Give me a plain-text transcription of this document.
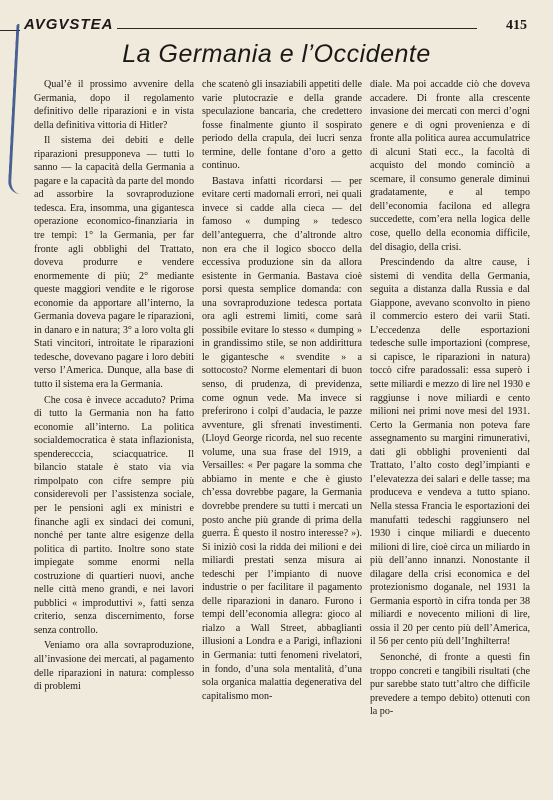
AVGVSTEA	415
La Germania e l’Occidente

Qual’è il prossimo avvenire della Germania, dopo il regolamento definitivo delle riparazioni e in vista della definitiva vittoria di Hitler?

Il sistema dei debiti e delle riparazioni presupponeva — tutti lo sanno — la capacità della Germania a pagare e la capacità da parte del mondo ad assorbire la sovraproduzione tedesca. Era, insomma, una gigantesca operazione economico-finanziaria in tre tempi: 1° la Germania, per far fronte agli obblighi del Trattato, doveva produrre e vendere enormemente di più; 2° mediante queste maggiori vendite e le rigorose economie da apportare all’interno, la Germania doveva pagare le riparazioni, in danaro e in natura; 3° a loro volta gli Stati vincitori, introitate le riparazioni tedesche, dovevano pagare i loro debiti verso l’America. Dunque, alla base di tutto il sistema era la Germania.

Che cosa è invece accaduto? Prima di tutto la Germania non ha fatto economie all’interno. La politica socialdemocratica è stata inflazionista, spenderecccia, sciacquatrice. Il bilancio statale è stato via via rimpolpato con cifre sempre più considerevoli per l’assistenza sociale, per le pensioni agli ex ministri e finanche agli ex sindaci dei comuni, nonché per tante altre esigenze della politica di partito. Inoltre sono state impiegate somme enormi nella costruzione di quartieri nuovi, anche nelle città meno grandi, e nei lavori pubblici « improduttivi », fatti senza criterio, senza discernimento, forse senza controllo.

Veniamo ora alla sovraproduzione, all’invasione dei mercati, al pagamento delle riparazioni in natura: complesso di problemi

che scatenò gli insaziabili appetiti delle varie plutocrazie e della grande speculazione bancaria, che credettero fosse finalmente giunto il sospirato periodo della crapula, dei lucri senza termine, delle fontane d’oro a getto continuo.

Bastava infatti ricordarsi — per evitare certi madornali errori, nei quali invece si cadde alla cieca — del famoso « dumping » tedesco dell’anteguerra, che d’altronde altro non era che il logico sbocco della eccessiva produzione sin da allora esistente in Germania. Bastava cioè porsi questa semplice domanda: con una sovraproduzione tedesca portata ora agli estremi limiti, come sarà possibile evitare lo stesso « dumping » in grandissimo stile, se non addirittura le gigantesche « svendite » a sottocosto? Norme elementari di buon senso, di prudenza, di previdenza, come ognun vede. Ma invece si preferirono i colpi d’audacia, le pazze avventure, gli sfrenati investimenti. (Lloyd George ricorda, nel suo recente volume, una sua frase del 1919, a Versailles: « Per pagare la somma che abbiamo in mente e che è giusto ch’essa dovrebbe pagare, la Germania dovrebbe prendere su tutti i mercati un posto anche più grande di prima della guerra. È questo il nostro interesse? »). Si iniziò così la ridda dei milioni e dei miliardi prestati senza misura ai tedeschi per l’impianto di nuove industrie o per facilitare il pagamento delle riparazioni in danaro. Furono i tempi dell’economia allegra: gioco al rialzo a Wall Street, abbagliantì illusioni a Londra e a Parigi, inflazioni in Germania: tutti fenomeni rivelatori, in fondo, d’una sola mentalità, d’una sola organica malattia degenerativa del capitalismo mon-

diale. Ma poi accadde ciò che doveva accadere. Di fronte alla crescente invasione dei mercati con merci d’ogni genere e di ogni provenienza e di fronte alla politica aurea accumulatrice di alcuni Stati ecc., la facoltà di acquisto del mondo cominciò a scemare, il consumo generale diminuì gradatamente, e al tempo dell’economia facilona ed allegra succedette, com’era nella logica delle cose, quello della economia difficile, del disagio, della crisi.

Prescindendo da altre cause, i sistemi di vendita della Germania, seguita a distanza dalla Russia e dal Giappone, avevano sconvolto in pieno il commercio estero dei varii Stati. L’eccedenza delle esportazioni tedesche sulle importazioni (comprese, si capisce, le riparazioni in natura) toccò cifre paradossali: essa superò i sette miliardi e mezzo di lire nel 1930 e raggiunse i nove miliardi e cento milioni nei primi nove mesi del 1931. Certo la Germania non poteva fare assegnamento su margini rimunerativi, dati gli obblighi provenienti dal Trattato, l’alto costo degl’impianti e l’elevatezza dei salari e delle tasse; ma produceva e vendeva a tutto spiano. Nella stessa Francia le esportazioni dei manufatti tedeschi raggiunsero nel 1930 i cinque miliardi e duecento milioni di lire, cioè circa un miliardo in più dell’anno innanzi. Nonostante il dilagare della crisi economica e del protezionismo doganale, nel 1931 la Germania esportò in cifra tonda per 38 miliardi e novecento milioni di lire, ossia il 20 per cento più dell’America, il 56 per cento più dell’Inghilterra!

Senonché, di fronte a questi fin troppo concreti e tangibili risultati (che pur sarebbe stato tutt’altro che difficile prevedere a tempo debito) ottenuti con la po-
